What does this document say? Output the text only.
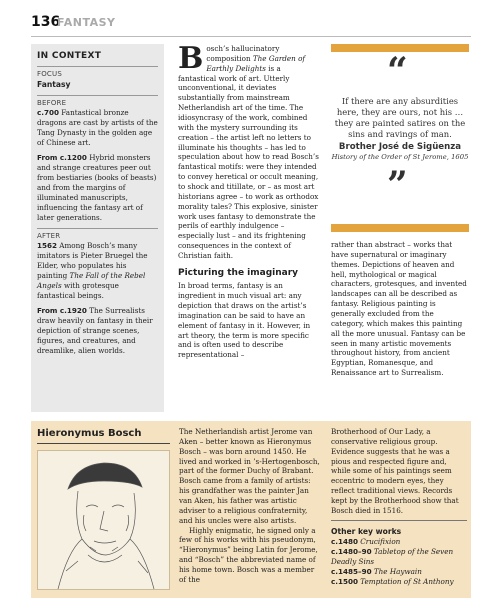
136
FANTASY
IN CONTEXT
FOCUS
Fantasy
BEFORE
c.700 Fantastical bronze dragons are cast by artists of the Tang Dynasty in the golden age of Chinese art.
From c.1200 Hybrid monsters and strange creatures peer out from bestiaries (books of beasts) and from the margins of illuminated manuscripts, influencing the fantasy art of later generations.
AFTER
1562 Among Bosch’s many imitators is Pieter Bruegel the Elder, who populates his painting The Fall of the Rebel Angels with grotesque fantastical beings.
From c.1920 The Surrealists draw heavily on fantasy in their depiction of strange scenes, figures, and creatures, and dreamlike, alien worlds.

Bosch’s hallucinatory composition The Garden of Earthly Delights is a fantastical work of art. Utterly unconventional, it deviates substantially from mainstream Netherlandish art of the time. The idiosyncrasy of the work, combined with the mystery surrounding its creation – the artist left no letters to illuminate his thoughts – has led to speculation about how to read Bosch’s fantastical motifs: were they intended to convey heretical or occult meaning, to shock and titillate, or – as most art historians agree – to work as orthodox morality tales? This explosive, sinister work uses fantasy to demonstrate the perils of earthly indulgence – especially lust – and its frightening consequences in the context of Christian faith.

Picturing the imaginary

In broad terms, fantasy is an ingredient in much visual art: any depiction that draws on the artist’s imagination can be said to have an element of fantasy in it. However, in art theory, the term is more specific and is often used to describe representational –

“
If there are any absurdities here, they are ours, not his … they are painted satires on the sins and ravings of man.
Brother José de Sigüenza
History of the Order of St Jerome, 1605
”

rather than abstract – works that have supernatural or imaginary themes. Depictions of heaven and hell, mythological or magical characters, grotesques, and invented landscapes can all be described as fantasy. Religious painting is generally excluded from the category, which makes this painting all the more unusual. Fantasy can be seen in many artistic movements throughout history, from ancient Egyptian, Romanesque, and Renaissance art to Surrealism.

Hieronymus Bosch	The Netherlandish artist Jerome van Aken – better known as Hieronymus Bosch – was born around 1450. He lived and worked in ’s-Hertogenbosch, part of the former Duchy of Brabant. Bosch came from a family of artists: his grandfather was the painter Jan van Aken, his father was artistic adviser to a religious confraternity, and his uncles were also artists.

Highly enigmatic, he signed only a few of his works with his pseudonym, “Hieronymus” being Latin for Jerome, and “Bosch” the abbreviated name of his home town. Bosch was a member of the

Brotherhood of Our Lady, a conservative religious group. Evidence suggests that he was a pious and respected figure and, while some of his paintings seem eccentric to modern eyes, they reflect traditional views. Records kept by the Brotherhood show that Bosch died in 1516.

Other key works
c.1480 Crucifixion
c.1480–90 Tabletop of the Seven Deadly Sins
c.1485–90 The Haywain
c.1500 Temptation of St Anthony
